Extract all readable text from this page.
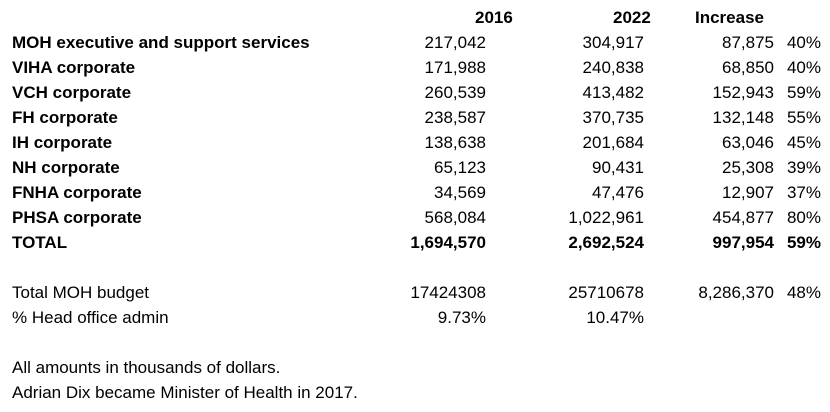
2016	2022	Increase
MOH executive and support services	217,042	304,917	87,875 40%
VIHA corporate	171,988	240,838	68,850 40%
VCH corporate	260,539	413,482	152,943 59%
FH corporate	238,587	370,735	132,148 55%
IH corporate	138,638	201,684	63,046 45%
NH corporate	65,123	90,431	25,308 39%
FNHA corporate	34,569	47,476	12,907 37%
PHSA corporate	568,084	1,022,961	454,877 80%
TOTAL	1,694,570	2,692,524	997,954 59%
Total MOH budget	17424308	25710678	8,286,370 48%
% Head office admin	9.73%	10.47%
All amounts in thousands of dollars.
Adrian Dix became Minister of Health in 2017.
